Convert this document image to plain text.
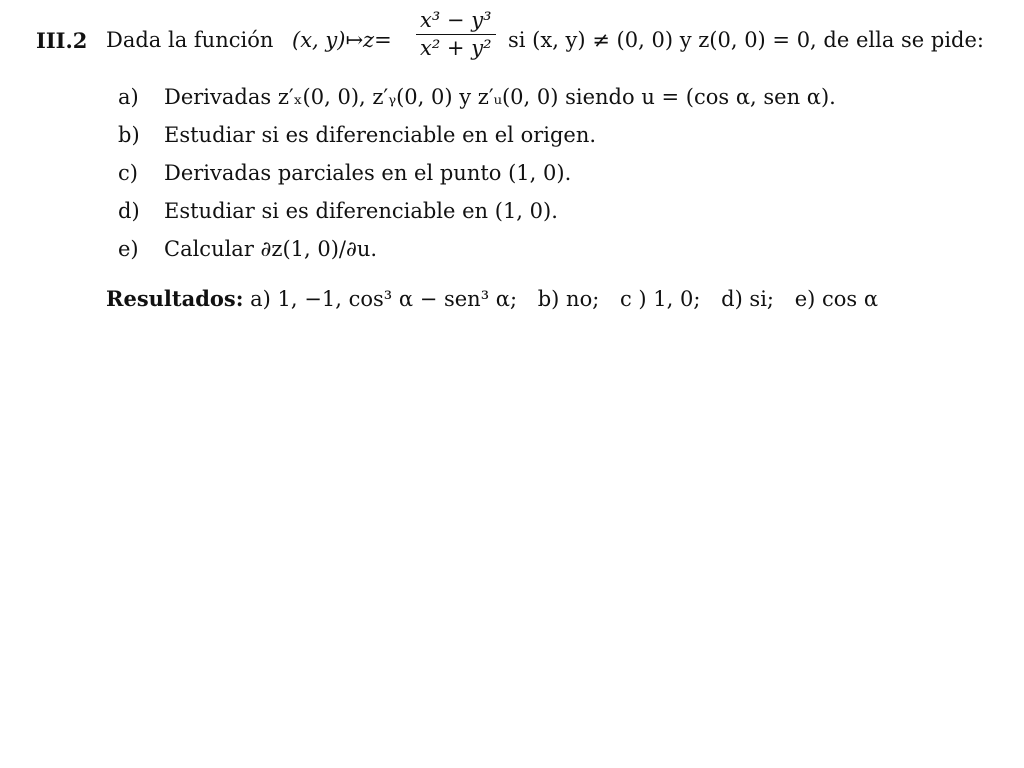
III.2 Dada la función (x, y)↦z= $\frac{\text{x³ − y³}}{\text{x² + y²}}$ si (x, y) ≠ (0, 0) y z(0, 0) = 0, de ella se pide:
a) Derivadas z′ₓ(0, 0), z′ᵧ(0, 0) y z′ᵤ(0, 0) siendo u = (cos α, sen α).
b) Estudiar si es diferenciable en el origen.
c) Derivadas parciales en el punto (1, 0).
d) Estudiar si es diferenciable en (1, 0).
e) Calcular ∂z(1, 0)/∂u.
Resultados: a) 1, −1, cos³ α − sen³ α; b) no; c ) 1, 0; d) si; e) cos α
